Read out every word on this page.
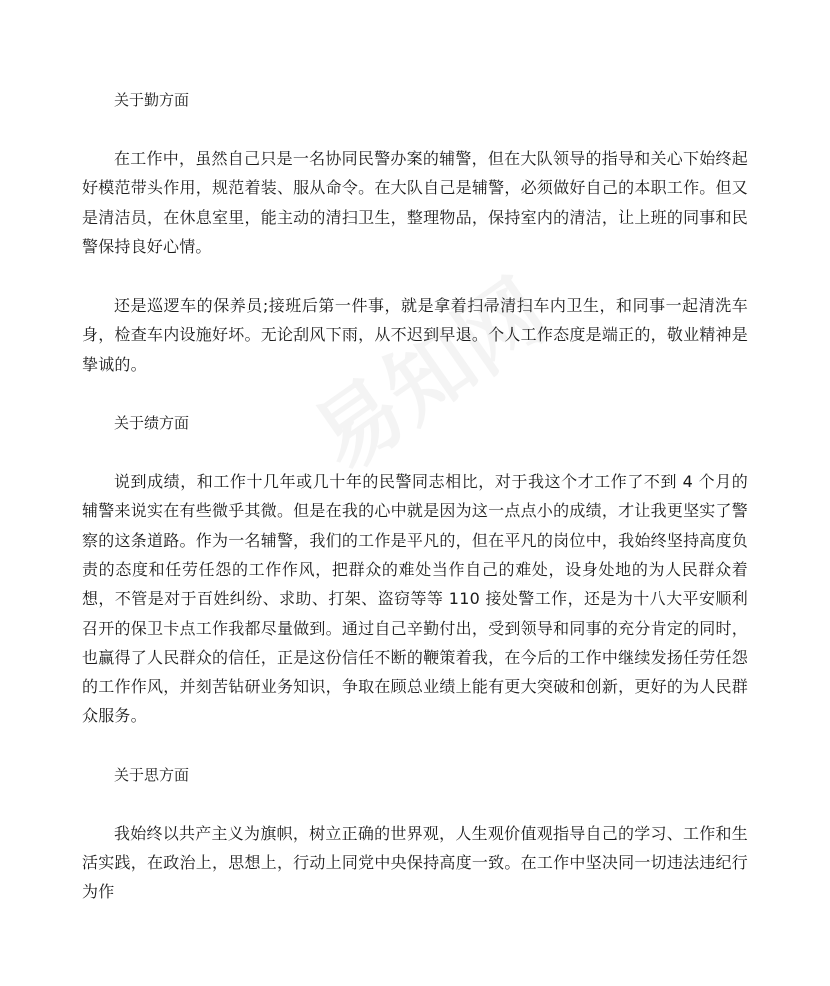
关于勤方面
在工作中，虽然自己只是一名协同民警办案的辅警，但在大队领导的指导和关心下始终起好模范带头作用，规范着装、服从命令。在大队自己是辅警，必须做好自己的本职工作。但又是清洁员，在休息室里，能主动的清扫卫生，整理物品，保持室内的清洁，让上班的同事和民警保持良好心情。
还是巡逻车的保养员;接班后第一件事，就是拿着扫帚清扫车内卫生，和同事一起清洗车身，检查车内设施好坏。无论刮风下雨，从不迟到早退。个人工作态度是端正的，敬业精神是挚诚的。
关于绩方面
说到成绩，和工作十几年或几十年的民警同志相比，对于我这个才工作了不到 4 个月的辅警来说实在有些微乎其微。但是在我的心中就是因为这一点点小的成绩，才让我更坚实了警察的这条道路。作为一名辅警，我们的工作是平凡的，但在平凡的岗位中，我始终坚持高度负责的态度和任劳任怨的工作作风，把群众的难处当作自己的难处，设身处地的为人民群众着想，不管是对于百姓纠纷、求助、打架、盗窃等等 110 接处警工作，还是为十八大平安顺利召开的保卫卡点工作我都尽量做到。通过自己辛勤付出，受到领导和同事的充分肯定的同时，也赢得了人民群众的信任，正是这份信任不断的鞭策着我，在今后的工作中继续发扬任劳任怨的工作作风，并刻苦钻研业务知识，争取在顾总业绩上能有更大突破和创新，更好的为人民群众服务。
关于思方面
我始终以共产主义为旗帜，树立正确的世界观，人生观价值观指导自己的学习、工作和生活实践，在政治上，思想上，行动上同党中央保持高度一致。在工作中坚决同一切违法违纪行为作
